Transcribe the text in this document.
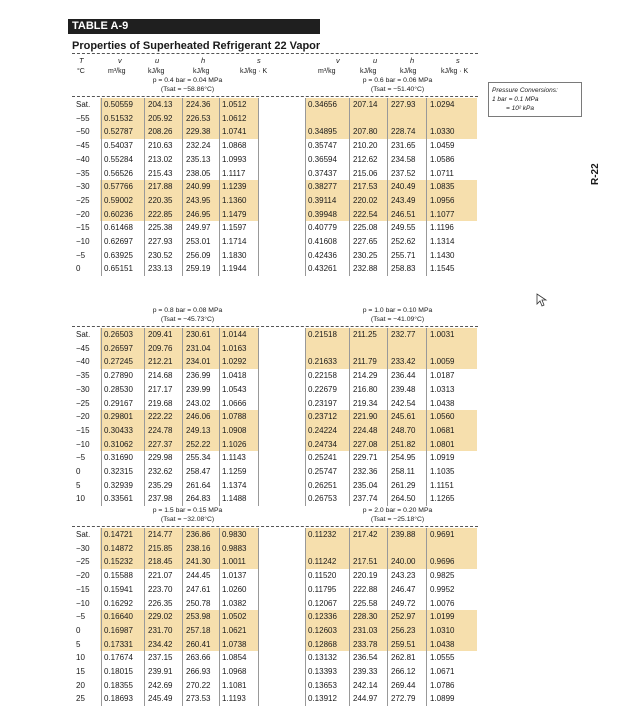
TABLE A-9
Properties of Superheated Refrigerant 22 Vapor
T	v	u	h	s	v	u	h	s
°C	m³/kg	kJ/kg	kJ/kg	kJ/kg · K	m³/kg	kJ/kg	kJ/kg	kJ/kg · K
p = 0.4 bar = 0.04 MPa
(Tsat = −58.86°C)
p = 0.6 bar = 0.06 MPa
(Tsat = −51.40°C)
Sat. 0.50559 204.13 224.36 1.0512	0.34656 207.14 227.93 1.0294
−55 0.51532 205.92 226.53 1.0612
−50 0.52787 208.26 229.38 1.0741	0.34895 207.80 228.74 1.0330
−45 0.54037 210.63 232.24 1.0868	0.35747 210.20 231.65 1.0459
−40 0.55284 213.02 235.13 1.0993	0.36594 212.62 234.58 1.0586
−35 0.56526 215.43 238.05 1.1117	0.37437 215.06 237.52 1.0711
−30 0.57766 217.88 240.99 1.1239	0.38277 217.53 240.49 1.0835
−25 0.59002 220.35 243.95 1.1360	0.39114 220.02 243.49 1.0956
−20 0.60236 222.85 246.95 1.1479	0.39948 222.54 246.51 1.1077
−15 0.61468 225.38 249.97 1.1597	0.40779 225.08 249.55 1.1196
−10 0.62697 227.93 253.01 1.1714	0.41608 227.65 252.62 1.1314
−5 0.63925 230.52 256.09 1.1830	0.42436 230.25 255.71 1.1430
0	0.65151 233.13 259.19 1.1944	0.43261 232.88 258.83 1.1545
p = 0.8 bar = 0.08 MPa
(Tsat = −45.73°C)
p = 1.0 bar = 0.10 MPa
(Tsat = −41.09°C)
Sat. 0.26503 209.41 230.61 1.0144	0.21518 211.25 232.77 1.0031
−45 0.26597 209.76 231.04 1.0163
−40 0.27245 212.21 234.01 1.0292	0.21633 211.79 233.42 1.0059
−35 0.27890 214.68 236.99 1.0418	0.22158 214.29 236.44 1.0187
−30 0.28530 217.17 239.99 1.0543	0.22679 216.80 239.48 1.0313
−25 0.29167 219.68 243.02 1.0666	0.23197 219.34 242.54 1.0438
−20 0.29801 222.22 246.06 1.0788	0.23712 221.90 245.61 1.0560
−15 0.30433 224.78 249.13 1.0908	0.24224 224.48 248.70 1.0681
−10 0.31062 227.37 252.22 1.1026	0.24734 227.08 251.82 1.0801
−5 0.31690 229.98 255.34 1.1143	0.25241 229.71 254.95 1.0919
0	0.32315 232.62 258.47 1.1259	0.25747 232.36 258.11 1.1035
5	0.32939 235.29 261.64 1.1374	0.26251 235.04 261.29 1.1151
10 0.33561 237.98 264.83 1.1488	0.26753 237.74 264.50 1.1265
p = 1.5 bar = 0.15 MPa
(Tsat = −32.08°C)
p = 2.0 bar = 0.20 MPa
(Tsat = −25.18°C)
Sat. 0.14721 214.77 236.86 0.9830	0.11232 217.42 239.88 0.9691
−30 0.14872 215.85 238.16 0.9883
−25 0.15232 218.45 241.30 1.0011	0.11242 217.51 240.00 0.9696
−20 0.15588 221.07 244.45 1.0137	0.11520 220.19 243.23 0.9825
−15 0.15941 223.70 247.61 1.0260	0.11795 222.88 246.47 0.9952
−10 0.16292 226.35 250.78 1.0382	0.12067 225.58 249.72 1.0076
−5 0.16640 229.02 253.98 1.0502	0.12336 228.30 252.97 1.0199
0	0.16987 231.70 257.18 1.0621	0.12603 231.03 256.23 1.0310
5	0.17331 234.42 260.41 1.0738	0.12868 233.78 259.51 1.0438
10 0.17674 237.15 263.66 1.0854	0.13132 236.54 262.81 1.0555
15 0.18015 239.91 266.93 1.0968	0.13393 239.33 266.12 1.0671
20 0.18355 242.69 270.22 1.1081	0.13653 242.14 269.44 1.0786
25 0.18693 245.49 273.53 1.1193	0.13912 244.97 272.79 1.0899
Pressure Conversions:
1 bar = 0.1 MPa
= 10² kPa
R-22
